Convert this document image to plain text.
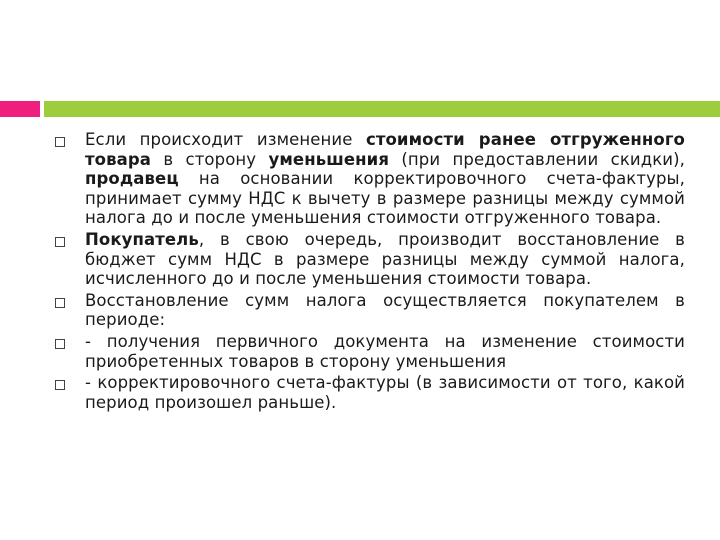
Если происходит изменение стоимости ранее отгруженного товара в сторону уменьшения (при предоставлении скидки), продавец на основании корректировочного счета-фактуры, принимает сумму НДС к вычету в размере разницы между суммой налога до и после уменьшения стоимости отгруженного товара.
Покупатель, в свою очередь, производит восстановление в бюджет сумм НДС в размере разницы между суммой налога, исчисленного до и после уменьшения стоимости товара.
Восстановление сумм налога осуществляется покупателем в периоде:
- получения первичного документа на изменение стоимости приобретенных товаров в сторону уменьшения
- корректировочного счета-фактуры (в зависимости от того, какой период произошел раньше).
